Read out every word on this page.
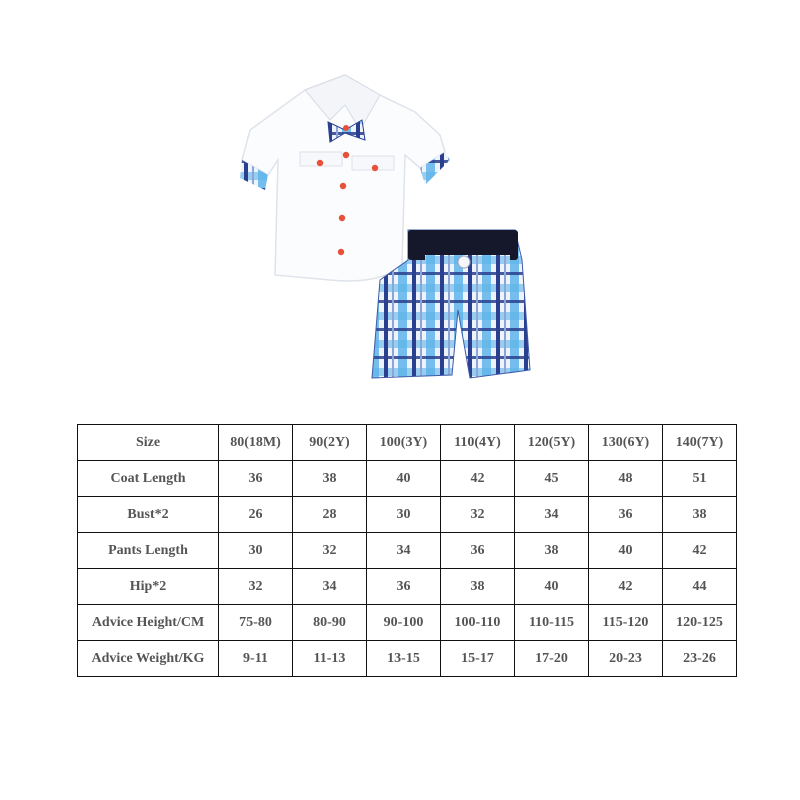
Size	80(18M)	90(2Y)	100(3Y)	110(4Y)	120(5Y)	130(6Y)	140(7Y)
Coat Length	36	38	40	42	45	48	51
Bust*2	26	28	30	32	34	36	38
Pants Length	30	32	34	36	38	40	42
Hip*2	32	34	36	38	40	42	44
Advice Height/CM	75-80	80-90	90-100	100-110	110-115	115-120	120-125
Advice Weight/KG	9-11	11-13	13-15	15-17	17-20	20-23	23-26
